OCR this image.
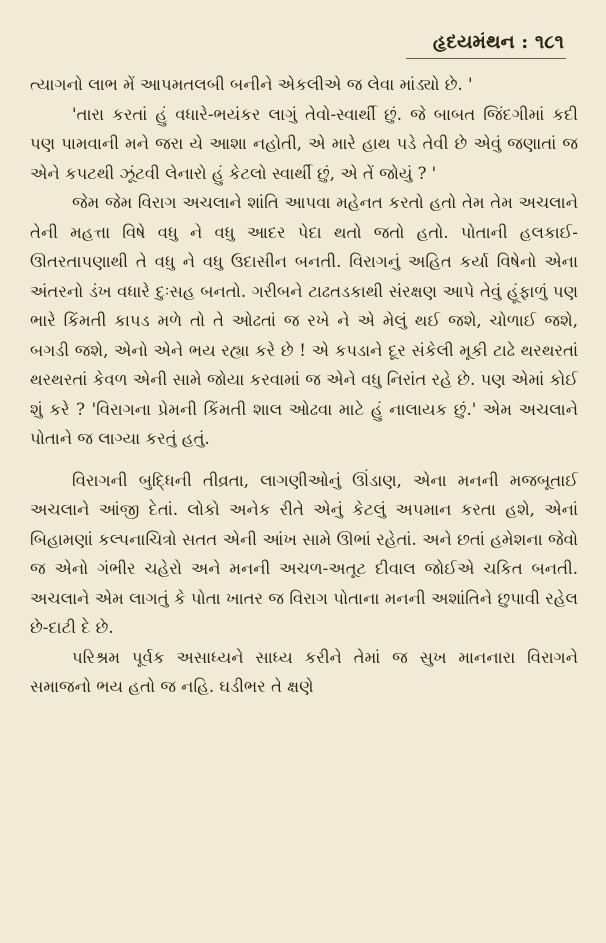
હૃદયમંથન : ૧૮૧

ત્યાગનો લાભ મેં આપમતલબી બનીને એકલીએ જ લેવા માંડ્યો છે. '

'તારા કરતાં હું વધારે-ભયંકર લાગું તેવો-સ્વાર્થી છું. જે બાબત જિંદગીમાં કદી પણ પામવાની મને જરા યે આશા નહોતી, એ મારે હાથ પડે તેવી છે એવું જણાતાં જ એને કપટથી ઝૂંટવી લેનારો હું કેટલો સ્વાર્થી છું, એ તેં જોયું ? '

જેમ જેમ વિરાગ અચલાને શાંતિ આપવા મહેનત કરતો હતો તેમ તેમ અચલાને તેની મહત્તા વિષે વધુ ને વધુ આદર પેદા થતો જતો હતો. પોતાની હલકાઈ-ઊતરતાપણાથી તે વધુ ને વધુ ઉદાસીન બનતી. વિરાગનું અહિત કર્યા વિષેનો એના અંતરનો ડંખ વધારે દુઃસહ બનતો. ગરીબને ટાઢતડકાથી સંરક્ષણ આપે તેવું હૂંફાળું પણ ભારે કિંમતી કાપડ મળે તો તે ઓઢતાં જ રખે ને એ મેલું થઈ જશે, ચોળાઈ જશે, બગડી જશે, એનો એને ભય રહ્યા કરે છે ! એ કપડાને દૂર સંકેલી મૂકી ટાઢે થરથરતાં થરથરતાં કેવળ એની સામે જોયા કરવામાં જ એને વધુ નિરાંત રહે છે. પણ એમાં કોઈ શું કરે ? 'વિરાગના પ્રેમની કિંમતી શાલ ઓઢવા માટે હું નાલાયક છું.' એમ અચલાને પોતાને જ લાગ્યા કરતું હતું.

વિરાગની બુદ્ધિની તીવ્રતા, લાગણીઓનું ઊંડાણ, એના મનની મજબૂતાઈ અચલાને આંજી દેતાં. લોકો અનેક રીતે એનું કેટલું અપમાન કરતા હશે, એનાં બિહામણાં કલ્પનાચિત્રો સતત એની આંખ સામે ઊભાં રહેતાં. અને છતાં હમેશના જેવો જ એનો ગંભીર ચહેરો અને મનની અચળ-અતૂટ દીવાલ જોઈએ ચકિત બનતી. અચલાને એમ લાગતું કે પોતા ખાતર જ વિરાગ પોતાના મનની અશાંતિને છુપાવી રહેલ છે-દાટી દે છે.

પરિશ્રમ પૂર્વક અસાધ્યને સાધ્ય કરીને તેમાં જ સુખ માનનારા વિરાગને સમાજનો ભય હતો જ નહિ. ઘડીભર તે ક્ષણે
